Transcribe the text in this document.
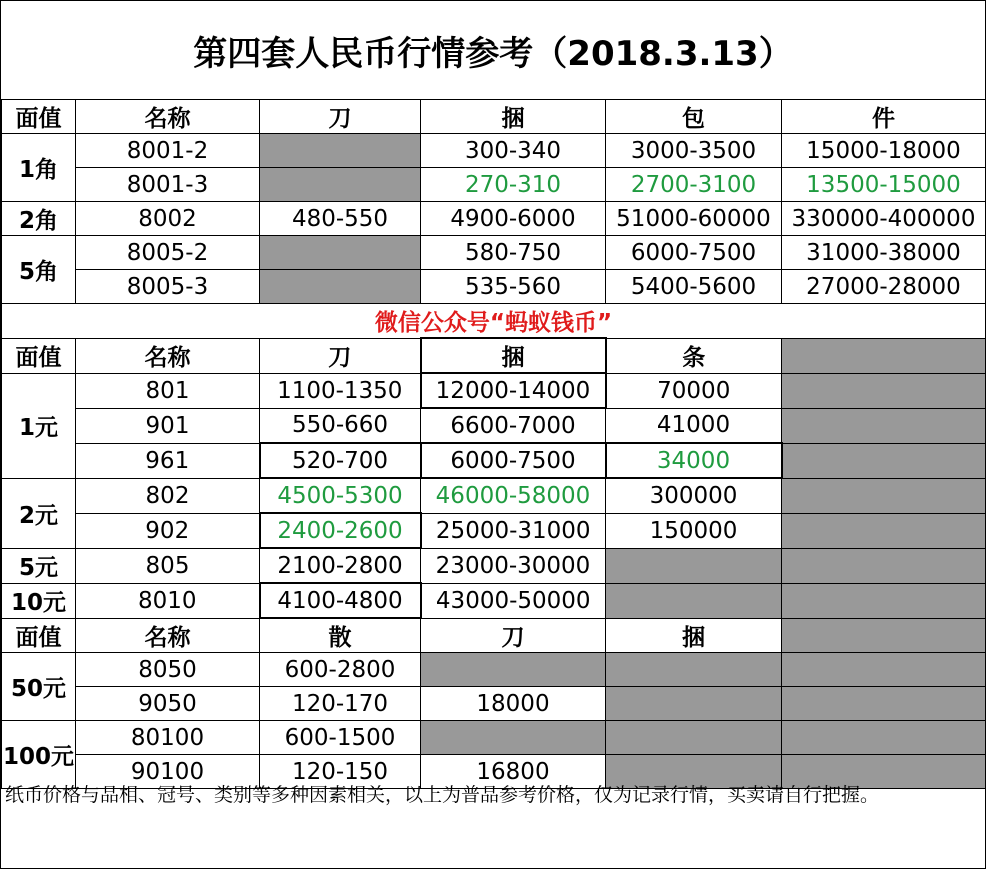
第四套人民币行情参考（2018.3.13）
面值	名称	刀	捆	包	件
1角	8001-2		300-340	3000-3500	15000-18000
	8001-3		270-310	2700-3100	13500-15000
2角	8002	480-550	4900-6000	51000-60000	330000-400000
5角	8005-2		580-750	6000-7500	31000-38000
	8005-3		535-560	5400-5600	27000-28000
微信公众号“蚂蚁钱币”					
面值	名称	刀	捆	条	
1元	801	1100-1350	12000-14000	70000	
	901	550-660	6600-7000	41000	
	961	520-700	6000-7500	34000	
2元	802	4500-5300	46000-58000	300000	
	902	2400-2600	25000-31000	150000	
5元	805	2100-2800	23000-30000		
10元	8010	4100-4800	43000-50000		
面值	名称	散	刀	捆	
50元	8050	600-2800			
	9050	120-170	18000		
100元	80100	600-1500			
	90100	120-150	16800		
纸币价格与品相、冠号、类别等多种因素相关，以上为普品参考价格，仅为记录行情，买卖请自行把握。
